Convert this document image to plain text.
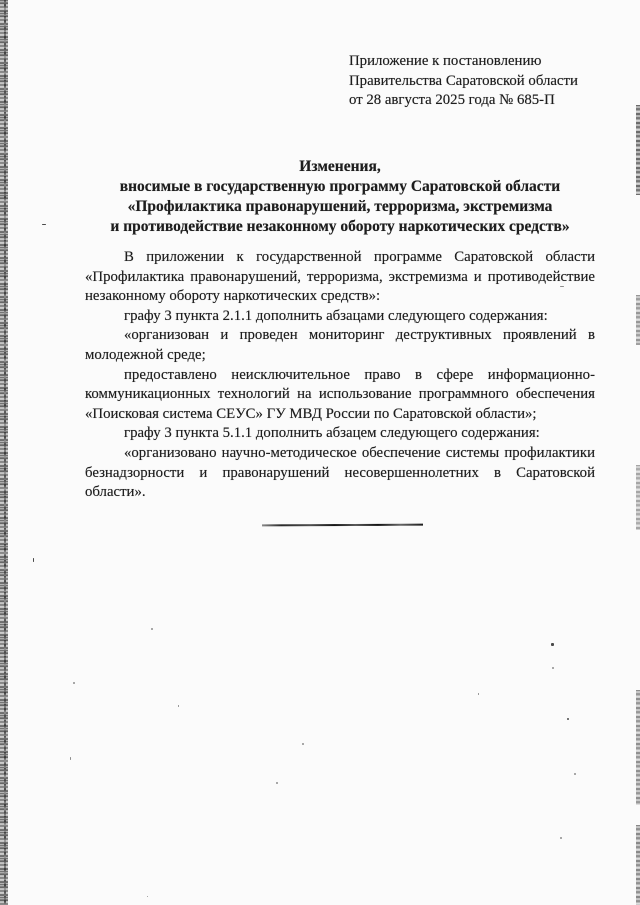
Приложение к постановлению
Правительства Саратовской области
от 28 августа 2025 года № 685-П
Изменения,
вносимые в государственную программу Саратовской области
«Профилактика правонарушений, терроризма, экстремизма
и противодействие незаконному обороту наркотических средств»

В приложении к государственной программе Саратовской области «Профилактика правонарушений, терроризма, экстремизма и противодействие незаконному обороту наркотических средств»:

графу 3 пункта 2.1.1 дополнить абзацами следующего содержания:

«организован и проведен мониторинг деструктивных проявлений в молодежной среде;

предоставлено неисключительное право в сфере информационно-коммуникационных технологий на использование программного обеспечения «Поисковая система СЕУС» ГУ МВД России по Саратовской области»;

графу 3 пункта 5.1.1 дополнить абзацем следующего содержания:

«организовано научно-методическое обеспечение системы профилактики безнадзорности и правонарушений несовершеннолетних в Саратовской области».
